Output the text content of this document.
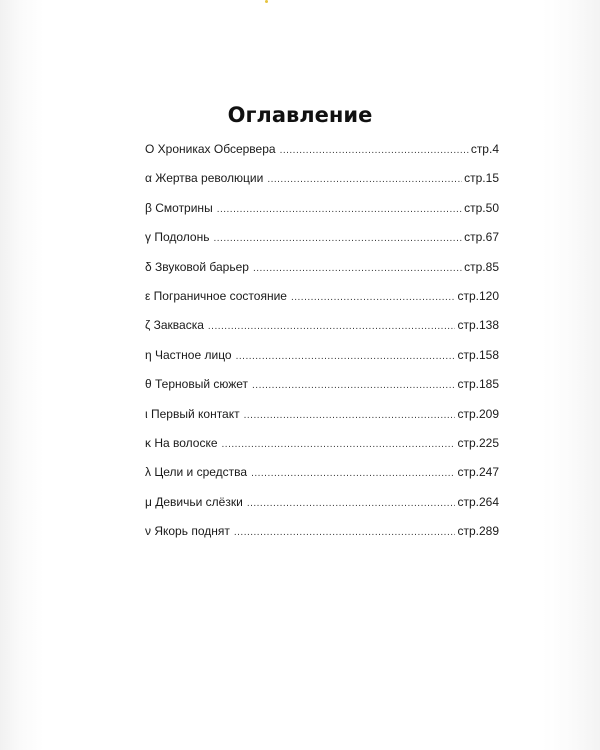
Оглавление
О Хрониках Обсервера .....	стр.4
α Жертва революции .....	стр.15
β Смотрины .....	стр.50
γ Подолонь .....	стр.67
δ Звуковой барьер .....	стр.85
ε Пограничное состояние .....	стр.120
ζ Закваска .....	стр.138
η Частное лицо .....	стр.158
θ Терновый сюжет .....	стр.185
ι Первый контакт .....	стр.209
κ На волоске .....	стр.225
λ Цели и средства .....	стр.247
μ Девичьи слёзки .....	стр.264
ν Якорь поднят .....	стр.289
